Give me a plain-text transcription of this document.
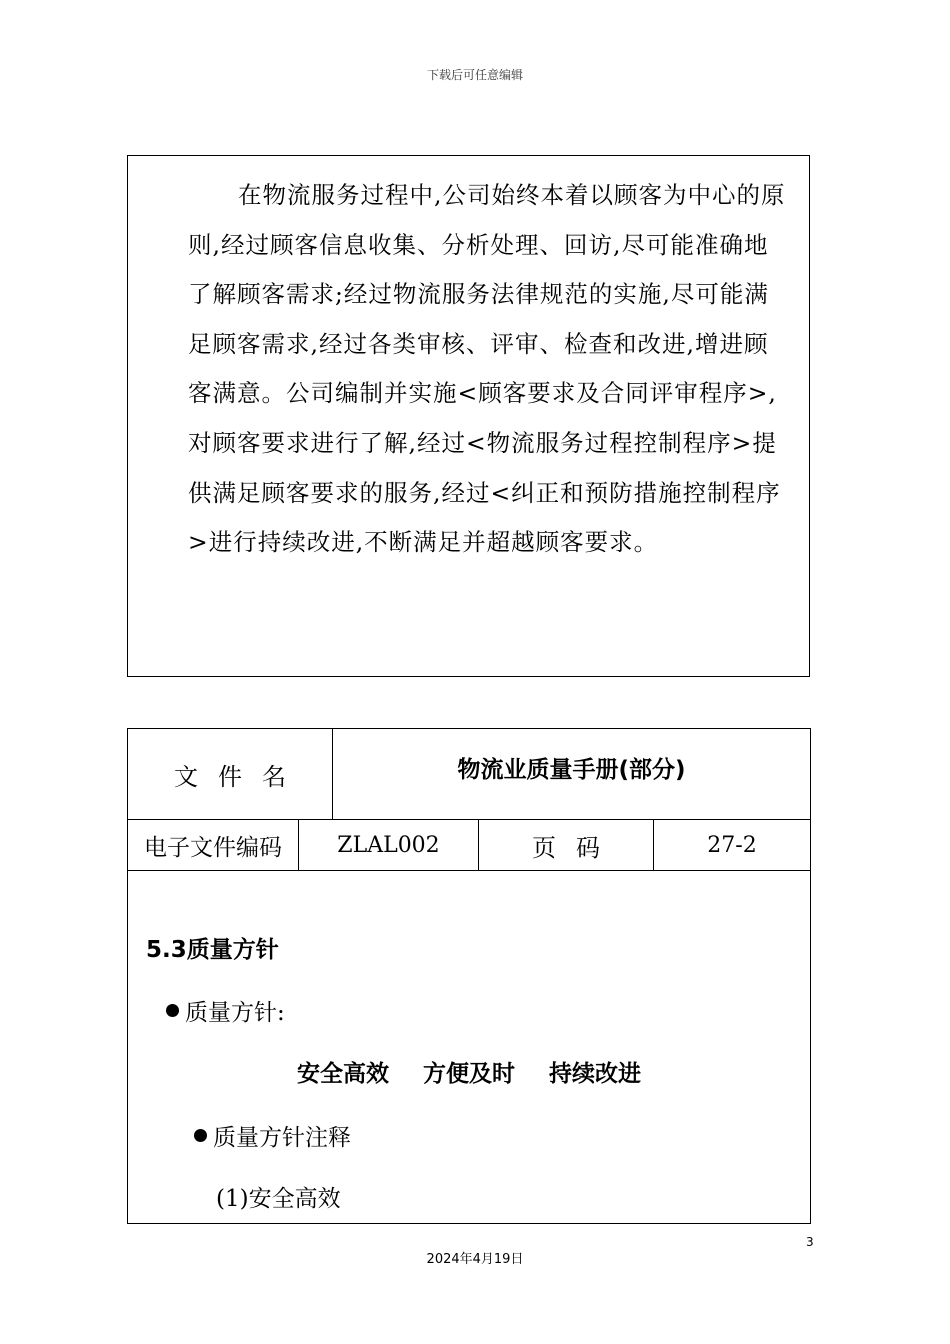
下载后可任意编辑

在物流服务过程中,公司始终本着以顾客为中心的原则,经过顾客信息收集、分析处理、回访,尽可能准确地了解顾客需求;经过物流服务法律规范的实施,尽可能满足顾客需求,经过各类审核、评审、检查和改进,增进顾客满意。公司编制并实施<顾客要求及合同评审程序>,对顾客要求进行了解,经过<物流服务过程控制程序>提供满足顾客要求的服务,经过<纠正和预防措施控制程序>进行持续改进,不断满足并超越顾客要求。

文件名	物流业质量手册(部分)
电子文件编码	ZLAL002	页码	27-2
5.3质量方针
质量方针:
安全高效 方便及时 持续改进
质量方针注释
(1)安全高效
3
2024年4月19日
